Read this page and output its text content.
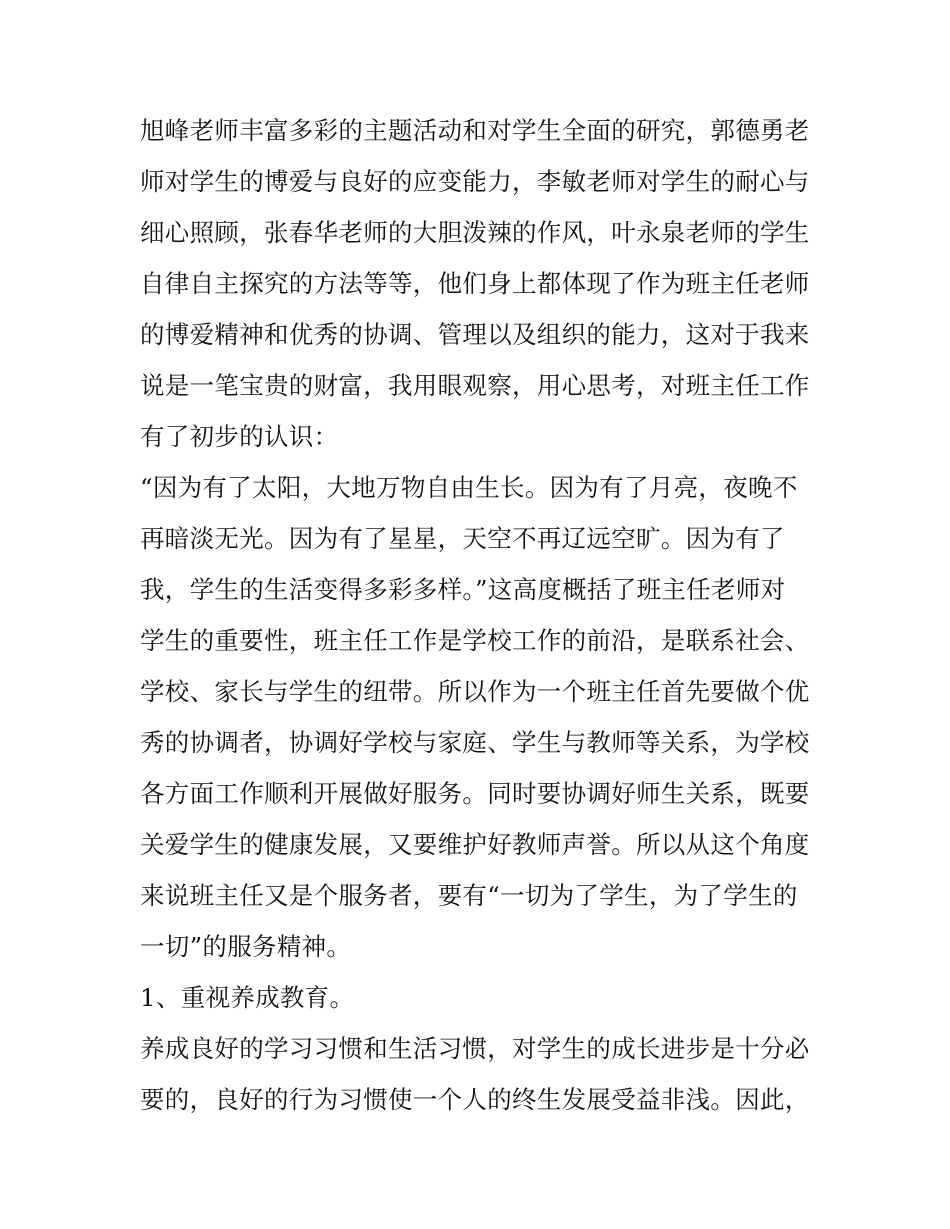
旭峰老师丰富多彩的主题活动和对学生全面的研究，郭德勇老
师对学生的博爱与良好的应变能力，李敏老师对学生的耐心与
细心照顾，张春华老师的大胆泼辣的作风，叶永泉老师的学生
自律自主探究的方法等等，他们身上都体现了作为班主任老师
的博爱精神和优秀的协调、管理以及组织的能力，这对于我来
说是一笔宝贵的财富，我用眼观察，用心思考，对班主任工作
有了初步的认识：
“因为有了太阳，大地万物自由生长。因为有了月亮，夜晚不
再暗淡无光。因为有了星星，天空不再辽远空旷。因为有了
我，学生的生活变得多彩多样。”这高度概括了班主任老师对
学生的重要性，班主任工作是学校工作的前沿，是联系社会、
学校、家长与学生的纽带。所以作为一个班主任首先要做个优
秀的协调者，协调好学校与家庭、学生与教师等关系，为学校
各方面工作顺利开展做好服务。同时要协调好师生关系，既要
关爱学生的健康发展，又要维护好教师声誉。所以从这个角度
来说班主任又是个服务者，要有“一切为了学生，为了学生的
一切”的服务精神。
1、重视养成教育。
养成良好的学习习惯和生活习惯，对学生的成长进步是十分必
要的，良好的行为习惯使一个人的终生发展受益非浅。因此，
